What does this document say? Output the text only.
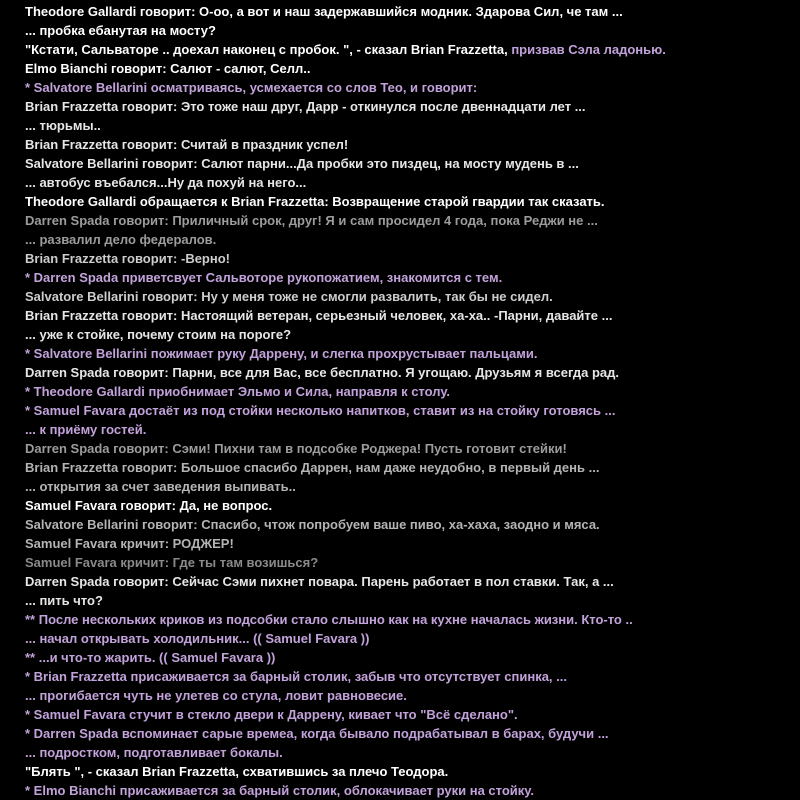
Theodore Gallardi говорит: О-оо, а вот и наш задержавшийся модник. Здарова Сил, че там ...
... пробка ебанутая на мосту?
"Кстати, Сальваторе .. доехал наконец с пробок. ", - сказал Brian Frazzetta, призвав Сэла ладонью.
Elmo Bianchi говорит: Салют - салют, Селл..
* Salvatore Bellarini осматриваясь, усмехается со слов Тео, и говорит:
Brian Frazzetta говорит: Это тоже наш друг, Дарр - откинулся после двеннадцати лет ...
... тюрьмы..
Brian Frazzetta говорит: Считай в праздник успел!
Salvatore Bellarini говорит: Салют парни...Да пробки это пиздец, на мосту мудень в ...
... автобус въебался...Ну да похуй на него...
Theodore Gallardi обращается к Brian Frazzetta: Возвращение старой гвардии так сказать.
Darren Spada говорит: Приличный срок, друг! Я и сам просидел 4 года, пока Реджи не ...
... развалил дело федералов.
Brian Frazzetta говорит: -Верно!
* Darren Spada приветсвует Сальвоторе рукопожатием, знакомится с тем.
Salvatore Bellarini говорит: Ну у меня тоже не смогли развалить, так бы не сидел.
Brian Frazzetta говорит: Настоящий ветеран, серьезный человек, ха-ха.. -Парни, давайте ...
... уже к стойке, почему стоим на пороге?
* Salvatore Bellarini пожимает руку Даррену, и слегка прохрустывает пальцами.
Darren Spada говорит: Парни, все для Вас, все бесплатно. Я угощаю. Друзьям я всегда рад.
* Theodore Gallardi приобнимает Эльмо и Сила, направля к столу.
* Samuel Favara достаёт из под стойки несколько напитков, ставит из на стойку готовясь ...
... к приёму гостей.
Darren Spada говорит: Сэми! Пихни там в подсобке Роджера! Пусть готовит стейки!
Brian Frazzetta говорит: Большое спасибо Даррен, нам даже неудобно, в первый день ...
... открытия за счет заведения выпивать..
Samuel Favara говорит: Да, не вопрос.
Salvatore Bellarini говорит: Спасибо, чтож попробуем ваше пиво, ха-хаха, заодно и мяса.
Samuel Favara кричит: РОДЖЕР!
Samuel Favara кричит: Где ты там возишься?
Darren Spada говорит: Сейчас Сэми пихнет повара. Парень работает в пол ставки. Так, а ...
... пить что?
** После нескольких криков из подсобки стало слышно как на кухне началась жизни. Кто-то ..
... начал открывать холодильник... (( Samuel Favara ))
** ...и что-то жарить. (( Samuel Favara ))
* Brian Frazzetta присаживается за барный столик, забыв что отсутствует спинка, ...
... прогибается чуть не улетев со стула, ловит равновесие.
* Samuel Favara стучит в стекло двери к Даррену, кивает что "Всё сделано".
* Darren Spada вспоминает сарые времеа, когда бывало подрабатывал в барах, будучи ...
... подростком, подготавливает бокалы.
"Блять ", - сказал Brian Frazzetta, схватившись за плечо Теодора.
* Elmo Bianchi присаживается за барный столик, облокачивает руки на стойку.
